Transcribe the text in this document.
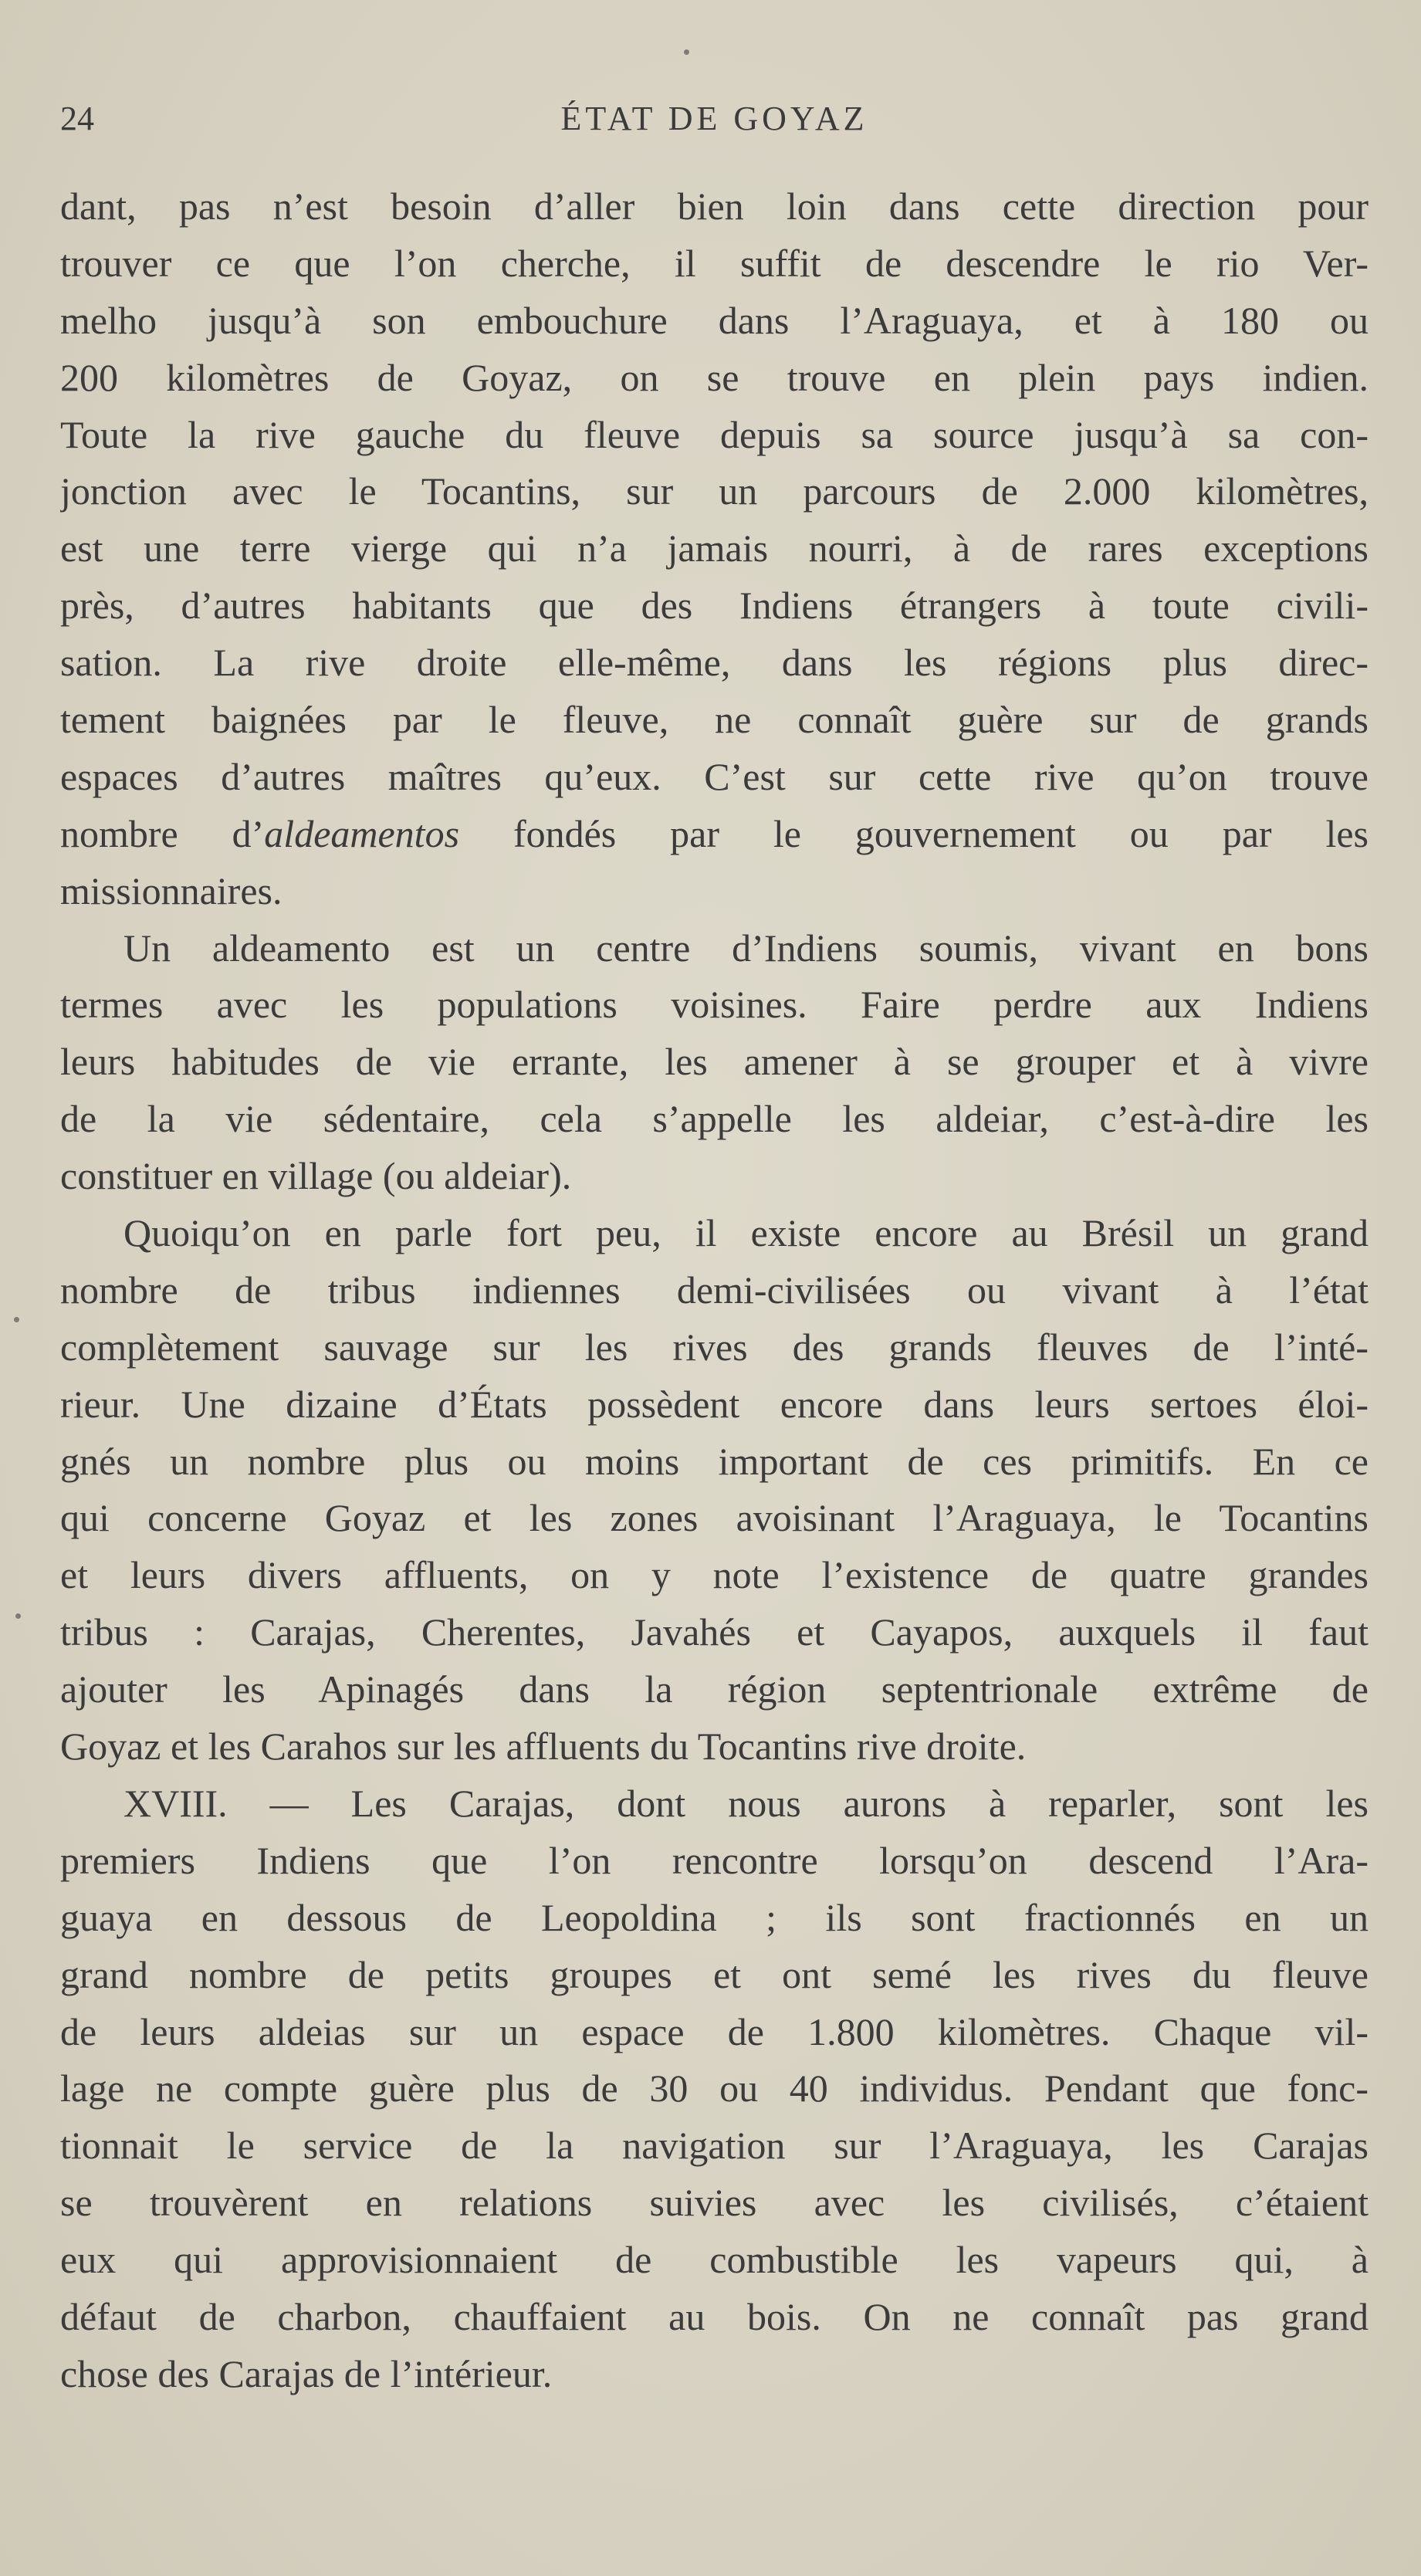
24	ÉTAT DE GOYAZ
dant, pas n’est besoin d’aller bien loin dans cette direction pour
trouver ce que l’on cherche, il suffit de descendre le rio Ver-
melho jusqu’à son embouchure dans l’Araguaya, et à 180 ou
200 kilomètres de Goyaz, on se trouve en plein pays indien.
Toute la rive gauche du fleuve depuis sa source jusqu’à sa con-
jonction avec le Tocantins, sur un parcours de 2.000 kilomètres,
est une terre vierge qui n’a jamais nourri, à de rares exceptions
près, d’autres habitants que des Indiens étrangers à toute civili-
sation. La rive droite elle-même, dans les régions plus direc-
tement baignées par le fleuve, ne connaît guère sur de grands
espaces d’autres maîtres qu’eux. C’est sur cette rive qu’on trouve
nombre d’aldeamentos fondés par le gouvernement ou par les
missionnaires.
Un aldeamento est un centre d’Indiens soumis, vivant en bons
termes avec les populations voisines. Faire perdre aux Indiens
leurs habitudes de vie errante, les amener à se grouper et à vivre
de la vie sédentaire, cela s’appelle les aldeiar, c’est-à-dire les
constituer en village (ou aldeiar).
Quoiqu’on en parle fort peu, il existe encore au Brésil un grand
nombre de tribus indiennes demi-civilisées ou vivant à l’état
complètement sauvage sur les rives des grands fleuves de l’inté-
rieur. Une dizaine d’États possèdent encore dans leurs sertoes éloi-
gnés un nombre plus ou moins important de ces primitifs. En ce
qui concerne Goyaz et les zones avoisinant l’Araguaya, le Tocantins
et leurs divers affluents, on y note l’existence de quatre grandes
tribus : Carajas, Cherentes, Javahés et Cayapos, auxquels il faut
ajouter les Apinagés dans la région septentrionale extrême de
Goyaz et les Carahos sur les affluents du Tocantins rive droite.
XVIII. — Les Carajas, dont nous aurons à reparler, sont les
premiers Indiens que l’on rencontre lorsqu’on descend l’Ara-
guaya en dessous de Leopoldina ; ils sont fractionnés en un
grand nombre de petits groupes et ont semé les rives du fleuve
de leurs aldeias sur un espace de 1.800 kilomètres. Chaque vil-
lage ne compte guère plus de 30 ou 40 individus. Pendant que fonc-
tionnait le service de la navigation sur l’Araguaya, les Carajas
se trouvèrent en relations suivies avec les civilisés, c’étaient
eux qui approvisionnaient de combustible les vapeurs qui, à
défaut de charbon, chauffaient au bois. On ne connaît pas grand
chose des Carajas de l’intérieur.
